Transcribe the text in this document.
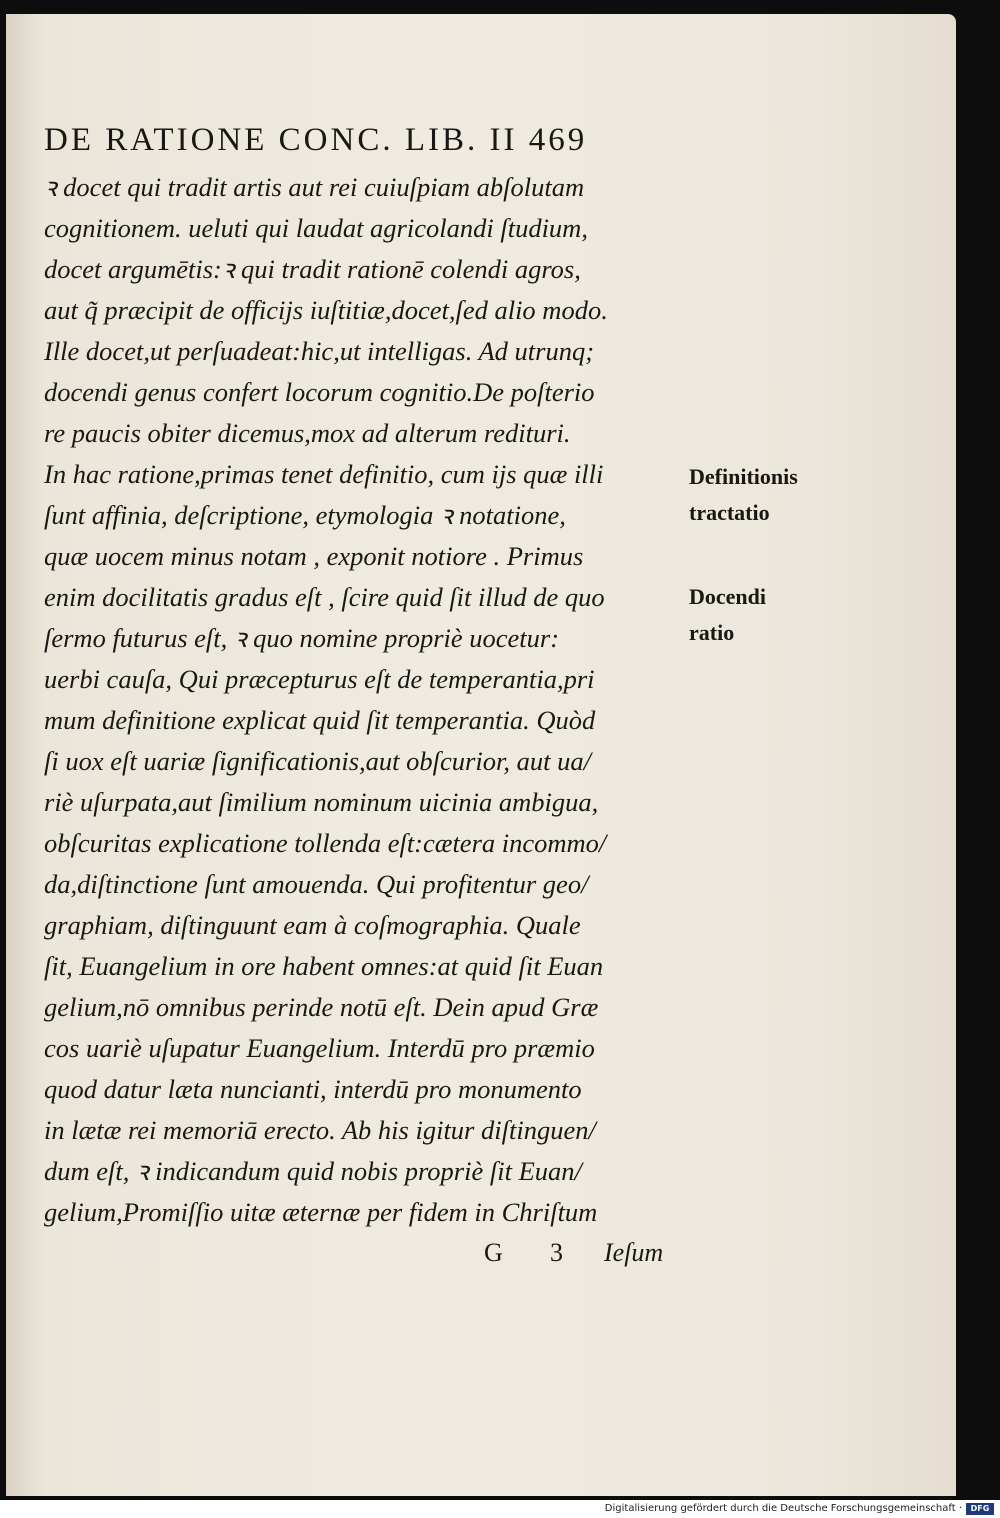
DE RATIONE CONC. LIB. II 469
ꝛ docet qui tradit artis aut rei cuiuſpiam abſolutam
cognitionem. ueluti qui laudat agricolandi ſtudium,
docet argumētis:ꝛ qui tradit rationē colendi agros,
aut q̃ præcipit de officijs iuſtitiæ,docet,ſed alio modo.
Ille docet,ut perſuadeat:hic,ut intelligas. Ad utrunq;
docendi genus confert locorum cognitio.De poſterio
re paucis obiter dicemus,mox ad alterum redituri.
In hac ratione,primas tenet definitio, cum ijs quæ illi
ſunt affinia, deſcriptione, etymologia ꝛ notatione,
quæ uocem minus notam , exponit notiore . Primus
enim docilitatis gradus eſt , ſcire quid ſit illud de quo
ſermo futurus eſt, ꝛ quo nomine propriè uocetur:
uerbi cauſa, Qui præcepturus eſt de temperantia,pri
mum definitione explicat quid ſit temperantia. Quòd
ſi uox eſt uariæ ſignificationis,aut obſcurior, aut ua/
riè uſurpata,aut ſimilium nominum uicinia ambigua,
obſcuritas explicatione tollenda eſt:cætera incommo/
da,diſtinctione ſunt amouenda. Qui profitentur geo/
graphiam, diſtinguunt eam à coſmographia. Quale
ſit, Euangelium in ore habent omnes:at quid ſit Euan
gelium,nō omnibus perinde notū eſt. Dein apud Græ
cos uariè uſupatur Euangelium. Interdū pro præmio
quod datur læta nuncianti, interdū pro monumento
in lætæ rei memoriā erecto. Ab his igitur diſtinguen/
dum eſt, ꝛ indicandum quid nobis propriè ſit Euan/
gelium,Promiſſio uitæ æternæ per fidem in Chriſtum
Definitionis
tractatio
Docendi
ratio
G 3 Ieſum
Digitalisierung gefördert durch die Deutsche Forschungsgemeinschaft ·	DFG
